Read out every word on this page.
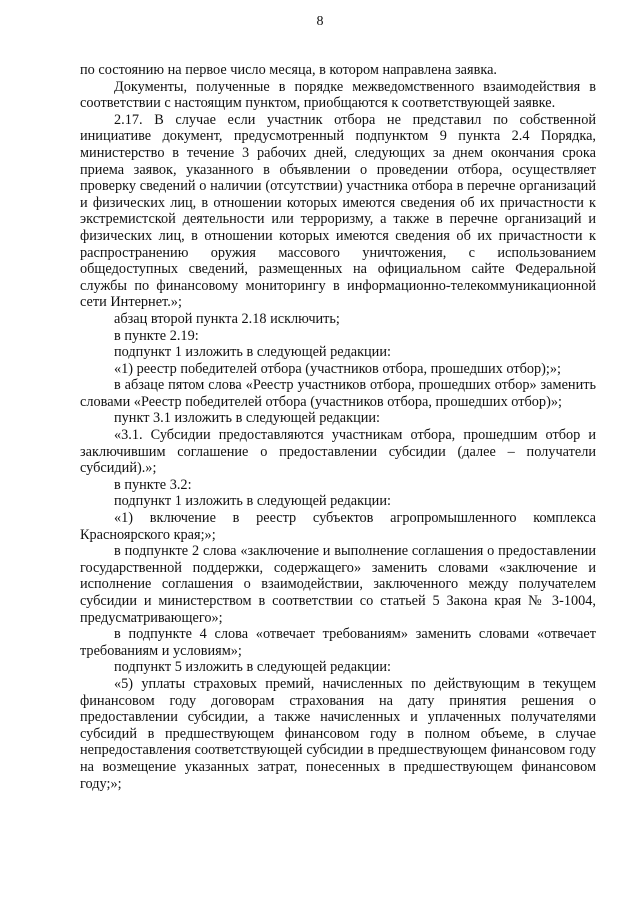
8

по состоянию на первое число месяца, в котором направлена заявка.

Документы, полученные в порядке межведомственного взаимодействия в соответствии с настоящим пунктом, приобщаются к соответствующей заявке.

2.17. В случае если участник отбора не представил по собственной инициативе документ, предусмотренный подпунктом 9 пункта 2.4 Порядка, министерство в течение 3 рабочих дней, следующих за днем окончания срока приема заявок, указанного в объявлении о проведении отбора, осуществляет проверку сведений о наличии (отсутствии) участника отбора в перечне организаций и физических лиц, в отношении которых имеются сведения об их причастности к экстремистской деятельности или терроризму, а также в перечне организаций и физических лиц, в отношении которых имеются сведения об их причастности к распространению оружия массового уничтожения, с использованием общедоступных сведений, размещенных на официальном сайте Федеральной службы по финансовому мониторингу в информационно-телекоммуникационной сети Интернет.»;

абзац второй пункта 2.18 исключить;

в пункте 2.19:

подпункт 1 изложить в следующей редакции:

«1) реестр победителей отбора (участников отбора, прошедших отбор);»;

в абзаце пятом слова «Реестр участников отбора, прошедших отбор» заменить словами «Реестр победителей отбора (участников отбора, прошедших отбор)»;

пункт 3.1 изложить в следующей редакции:

«3.1. Субсидии предоставляются участникам отбора, прошедшим отбор и заключившим соглашение о предоставлении субсидии (далее – получатели субсидий).»;

в пункте 3.2:

подпункт 1 изложить в следующей редакции:

«1) включение в реестр субъектов агропромышленного комплекса Красноярского края;»;

в подпункте 2 слова «заключение и выполнение соглашения о предоставлении государственной поддержки, содержащего» заменить словами «заключение и исполнение соглашения о взаимодействии, заключенного между получателем субсидии и министерством в соответствии со статьей 5 Закона края № 3-1004, предусматривающего»;

в подпункте 4 слова «отвечает требованиям» заменить словами «отвечает требованиям и условиям»;

подпункт 5 изложить в следующей редакции:

«5) уплаты страховых премий, начисленных по действующим в текущем финансовом году договорам страхования на дату принятия решения о предоставлении субсидии, а также начисленных и уплаченных получателями субсидий в предшествующем финансовом году в полном объеме, в случае непредоставления соответствующей субсидии в предшествующем финансовом году на возмещение указанных затрат, понесенных в предшествующем финансовом году;»;
